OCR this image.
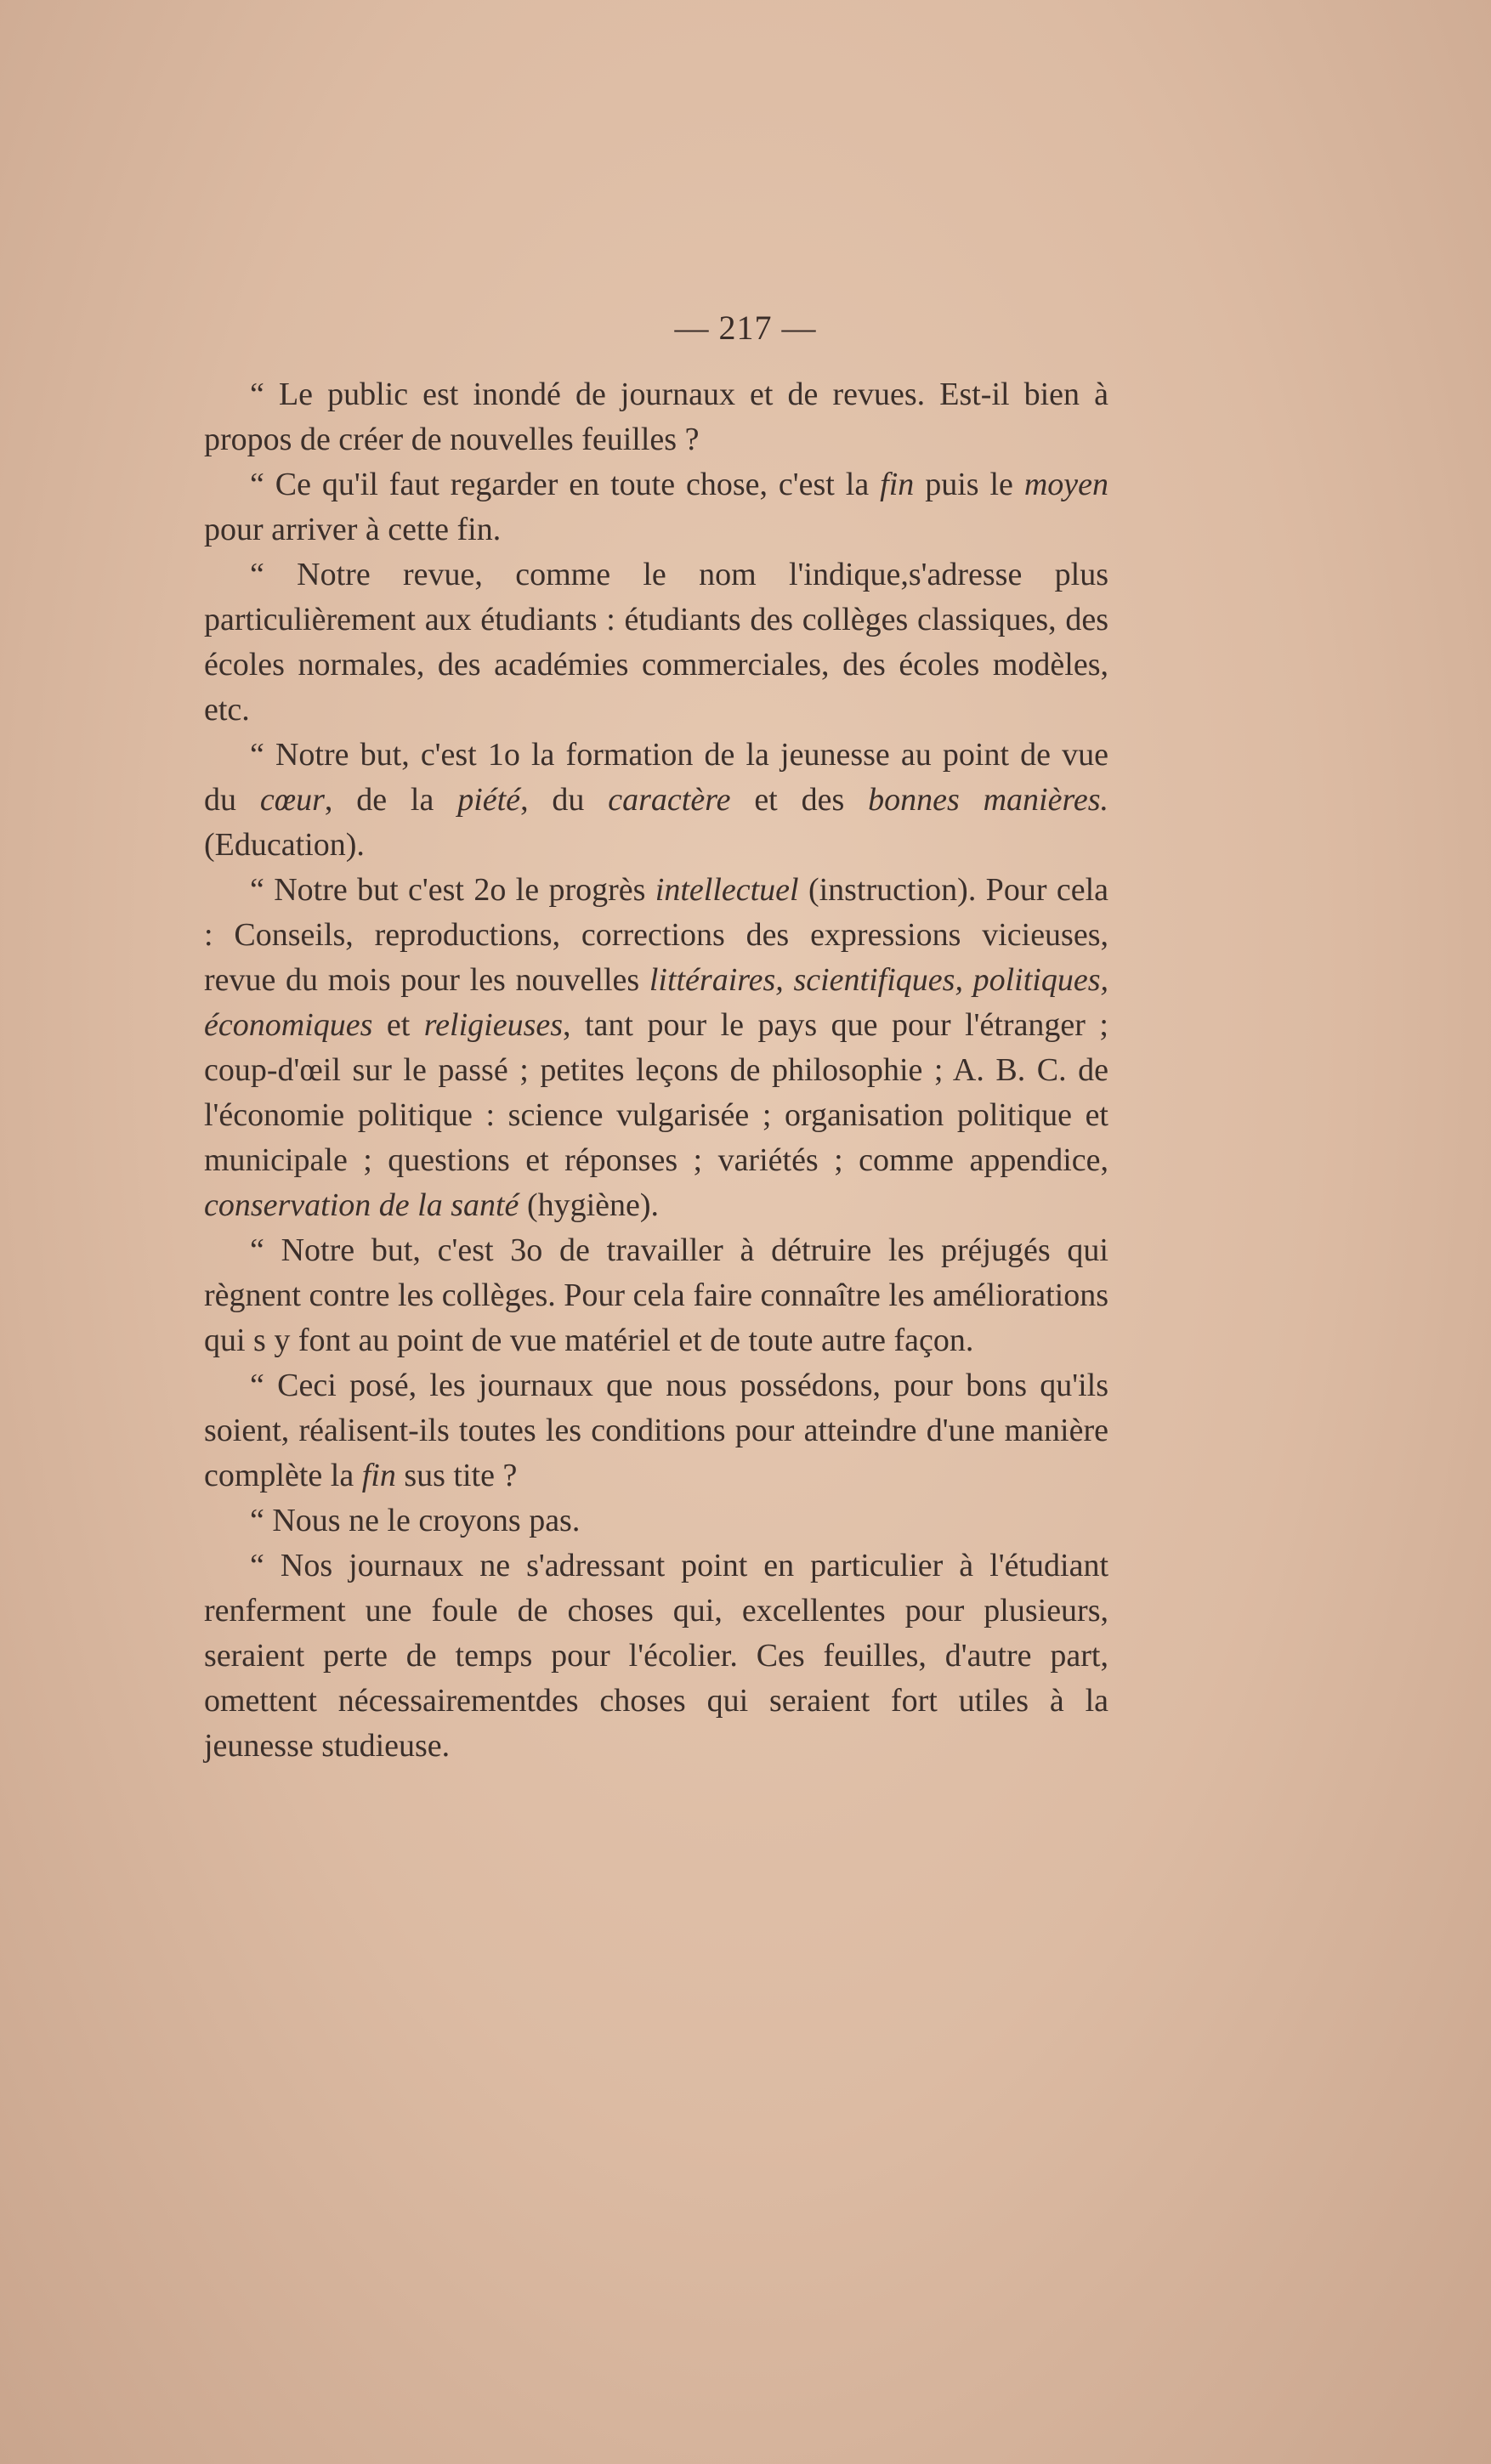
— 217 —

“ Le public est inondé de journaux et de revues. Est-il bien à propos de créer de nouvelles feuilles ?

“ Ce qu'il faut regarder en toute chose, c'est la fin puis le moyen pour arriver à cette fin.

“ Notre revue, comme le nom l'indique,s'adresse plus particulièrement aux étudiants : étudiants des collèges classiques, des écoles normales, des académies commerciales, des écoles modèles, etc.

“ Notre but, c'est 1o la formation de la jeunesse au point de vue du cœur, de la piété, du caractère et des bonnes manières. (Education).

“ Notre but c'est 2o le progrès intellectuel (instruction). Pour cela : Conseils, reproductions, corrections des expressions vicieuses, revue du mois pour les nouvelles littéraires, scientifiques, politiques, économiques et religieuses, tant pour le pays que pour l'étranger ; coup-d'œil sur le passé ; petites leçons de philosophie ; A. B. C. de l'économie politique : science vulgarisée ; organisation politique et municipale ; questions et réponses ; variétés ; comme appendice, conservation de la santé (hygiène).

“ Notre but, c'est 3o de travailler à détruire les préjugés qui règnent contre les collèges. Pour cela faire connaître les améliorations qui s y font au point de vue matériel et de toute autre façon.

“ Ceci posé, les journaux que nous possédons, pour bons qu'ils soient, réalisent-ils toutes les conditions pour atteindre d'une manière complète la fin sus tite ?

“ Nous ne le croyons pas.

“ Nos journaux ne s'adressant point en particulier à l'étudiant renferment une foule de choses qui, excellentes pour plusieurs, seraient perte de temps pour l'écolier. Ces feuilles, d'autre part, omettent nécessairementdes choses qui seraient fort utiles à la jeunesse studieuse.
